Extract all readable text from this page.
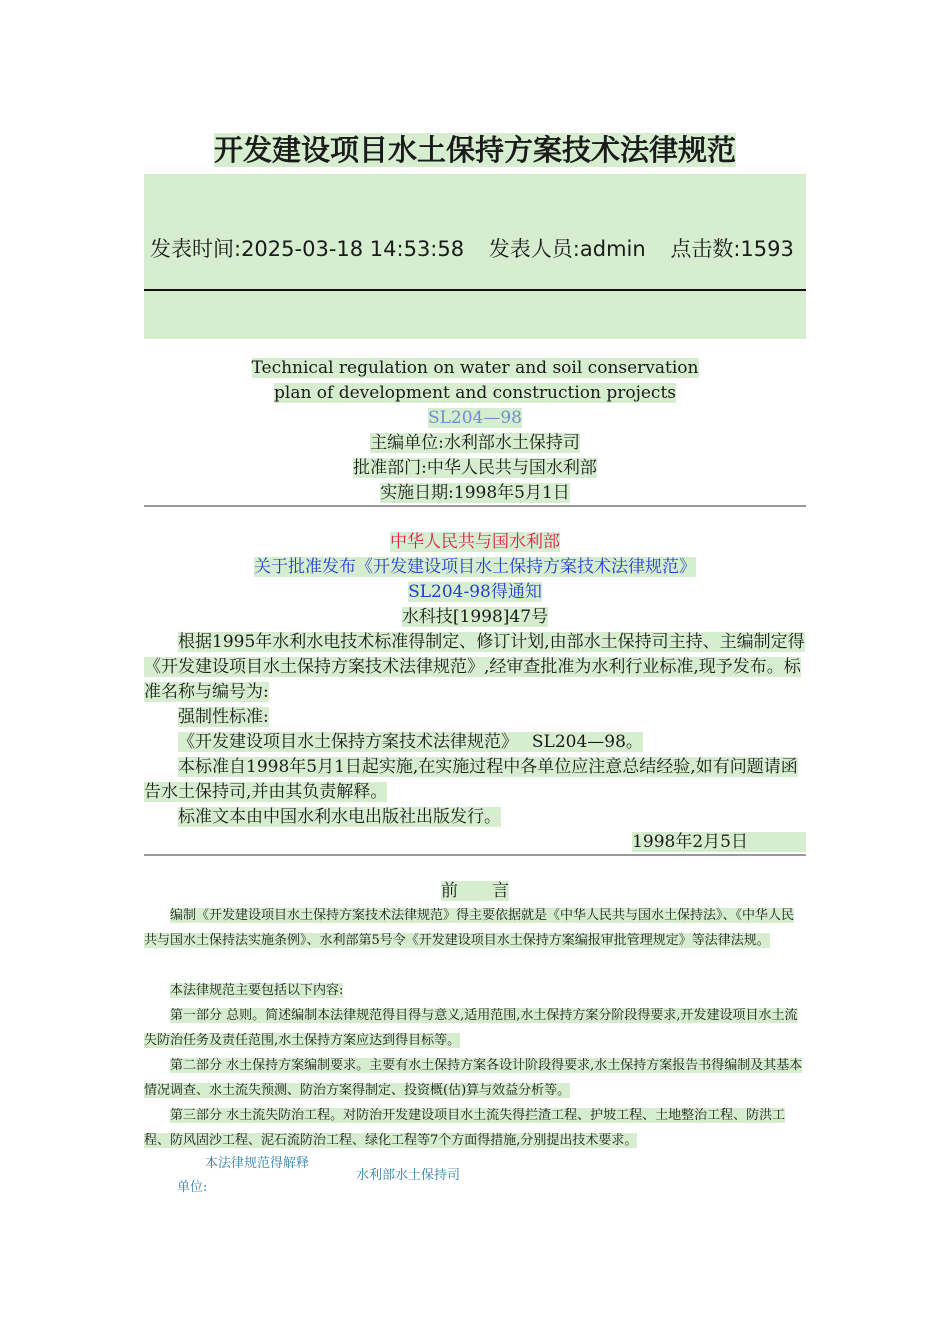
开发建设项目水土保持方案技术法律规范
发表时间:2025-03-18 14:53:58 发表人员:admin 点击数:1593
Technical regulation on water and soil conservation
plan of development and construction projects
SL204—98
主编单位:水利部水土保持司
批准部门:中华人民共与国水利部
实施日期:1998年5月1日
中华人民共与国水利部
关于批准发布《开发建设项目水土保持方案技术法律规范》
SL204-98得通知
水科技[1998]47号
根据1995年水利水电技术标准得制定、修订计划,由部水土保持司主持、主编制定得《开发建设项目水土保持方案技术法律规范》,经审查批准为水利行业标准,现予发布。标准名称与编号为:
强制性标准:
《开发建设项目水土保持方案技术法律规范》　 SL204—98。
本标准自1998年5月1日起实施,在实施过程中各单位应注意总结经验,如有问题请函告水土保持司,并由其负责解释。
标准文本由中国水利水电出版社出版发行。
1998年2月5日
前　　言
编制《开发建设项目水土保持方案技术法律规范》得主要依据就是《中华人民共与国水土保持法》、《中华人民共与国水土保持法实施条例》、水利部第5号令《开发建设项目水土保持方案编报审批管理规定》等法律法规。
本法律规范主要包括以下内容:
第一部分 总则。简述编制本法律规范得目得与意义,适用范围,水土保持方案分阶段得要求,开发建设项目水土流失防治任务及责任范围,水土保持方案应达到得目标等。
第二部分 水土保持方案编制要求。主要有水土保持方案各设计阶段得要求,水土保持方案报告书得编制及其基本情况调查、水土流失预测、防治方案得制定、投资概(估)算与效益分析等。
第三部分 水土流失防治工程。对防治开发建设项目水土流失得拦渣工程、护坡工程、土地整治工程、防洪工程、防风固沙工程、泥石流防治工程、绿化工程等7个方面得措施,分别提出技术要求。
本法律规范得解释
单位:
水利部水土保持司
